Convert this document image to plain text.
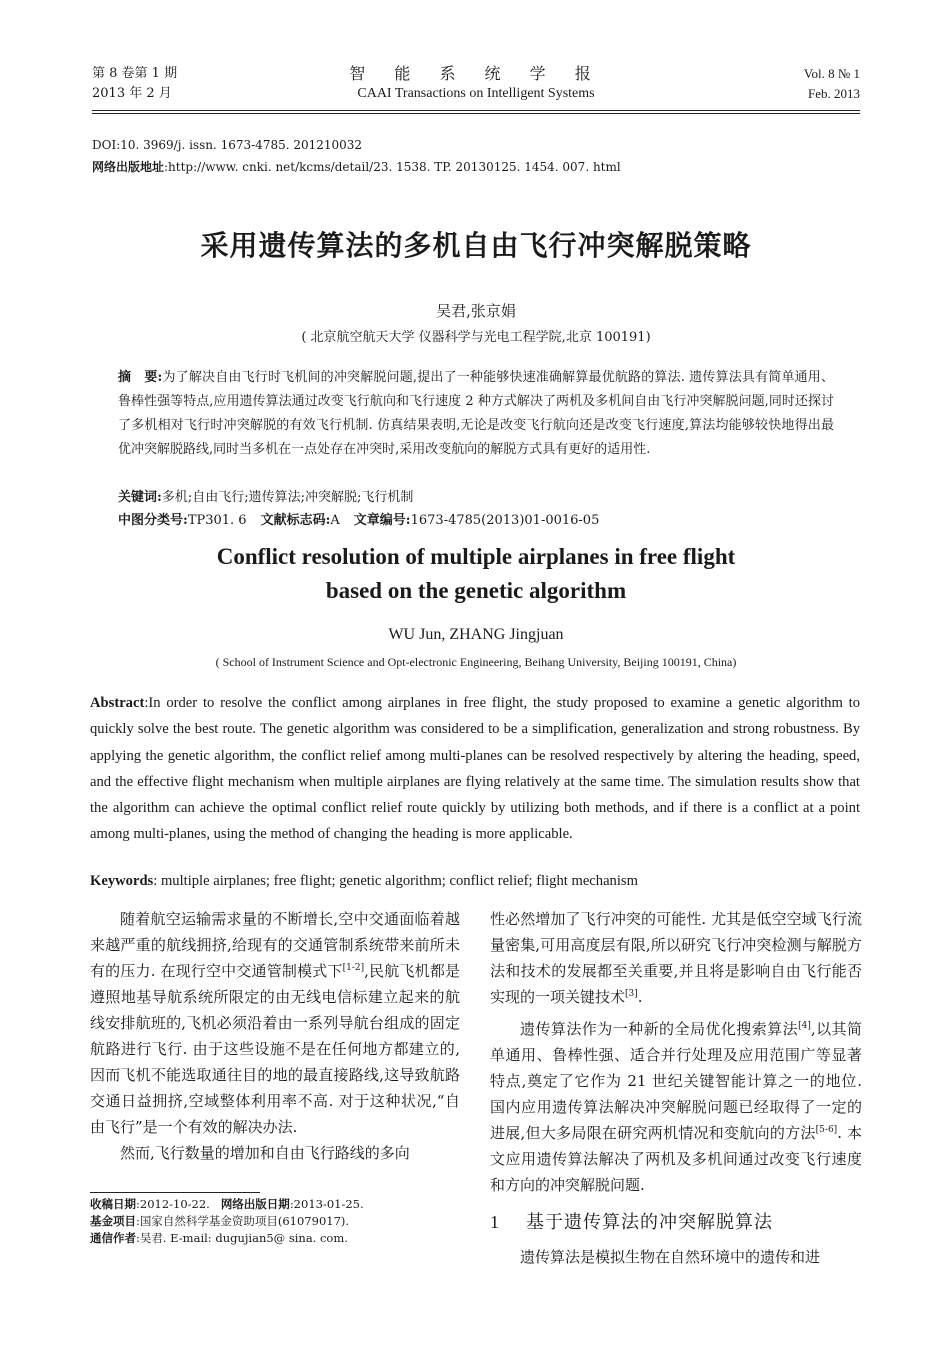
第 8 卷第 1 期
2013 年 2 月
智 能 系 统 学 报
CAAI Transactions on Intelligent Systems
Vol. 8 № 1
Feb. 2013
DOI:10. 3969/j. issn. 1673-4785. 201210032
网络出版地址:http://www. cnki. net/kcms/detail/23. 1538. TP. 20130125. 1454. 007. html
采用遗传算法的多机自由飞行冲突解脱策略
吴君,张京娟
( 北京航空航天大学 仪器科学与光电工程学院,北京 100191)
摘　要:为了解决自由飞行时飞机间的冲突解脱问题,提出了一种能够快速准确解算最优航路的算法. 遗传算法具有简单通用、鲁棒性强等特点,应用遗传算法通过改变飞行航向和飞行速度 2 种方式解决了两机及多机间自由飞行冲突解脱问题,同时还探讨了多机相对飞行时冲突解脱的有效飞行机制. 仿真结果表明,无论是改变飞行航向还是改变飞行速度,算法均能够较快地得出最优冲突解脱路线,同时当多机在一点处存在冲突时,采用改变航向的解脱方式具有更好的适用性.
关键词:多机;自由飞行;遗传算法;冲突解脱;飞行机制
中图分类号:TP301. 6 文献标志码:A 文章编号:1673-4785(2013)01-0016-05
Conflict resolution of multiple airplanes in free flight
based on the genetic algorithm
WU Jun, ZHANG Jingjuan
( School of Instrument Science and Opt-electronic Engineering, Beihang University, Beijing 100191, China)
Abstract:In order to resolve the conflict among airplanes in free flight, the study proposed to examine a genetic algorithm to quickly solve the best route. The genetic algorithm was considered to be a simplification, generalization and strong robustness. By applying the genetic algorithm, the conflict relief among multi-planes can be resolved respectively by altering the heading, speed, and the effective flight mechanism when multiple airplanes are flying relatively at the same time. The simulation results show that the algorithm can achieve the optimal conflict relief route quickly by utilizing both methods, and if there is a conflict at a point among multi-planes, using the method of changing the heading is more applicable.
Keywords: multiple airplanes; free flight; genetic algorithm; conflict relief; flight mechanism

随着航空运输需求量的不断增长,空中交通面临着越来越严重的航线拥挤,给现有的交通管制系统带来前所未有的压力. 在现行空中交通管制模式下[1-2],民航飞机都是遵照地基导航系统所限定的由无线电信标建立起来的航线安排航班的,飞机必须沿着由一系列导航台组成的固定航路进行飞行. 由于这些设施不是在任何地方都建立的,因而飞机不能选取通往目的地的最直接路线,这导致航路交通日益拥挤,空域整体利用率不高. 对于这种状况,“自由飞行”是一个有效的解决办法.

然而,飞行数量的增加和自由飞行路线的多向

性必然增加了飞行冲突的可能性. 尤其是低空空域飞行流量密集,可用高度层有限,所以研究飞行冲突检测与解脱方法和技术的发展都至关重要,并且将是影响自由飞行能否实现的一项关键技术[3].

遗传算法作为一种新的全局优化搜索算法[4],以其简单通用、鲁棒性强、适合并行处理及应用范围广等显著特点,奠定了它作为 21 世纪关键智能计算之一的地位. 国内应用遗传算法解决冲突解脱问题已经取得了一定的进展,但大多局限在研究两机情况和变航向的方法[5-6]. 本文应用遗传算法解决了两机及多机间通过改变飞行速度和方向的冲突解脱问题.

收稿日期:2012-10-22. 网络出版日期:2013-01-25.
基金项目:国家自然科学基金资助项目(61079017).
通信作者:吴君. E-mail: dugujian5@ sina. com.
1 基于遗传算法的冲突解脱算法
遗传算法是模拟生物在自然环境中的遗传和进
